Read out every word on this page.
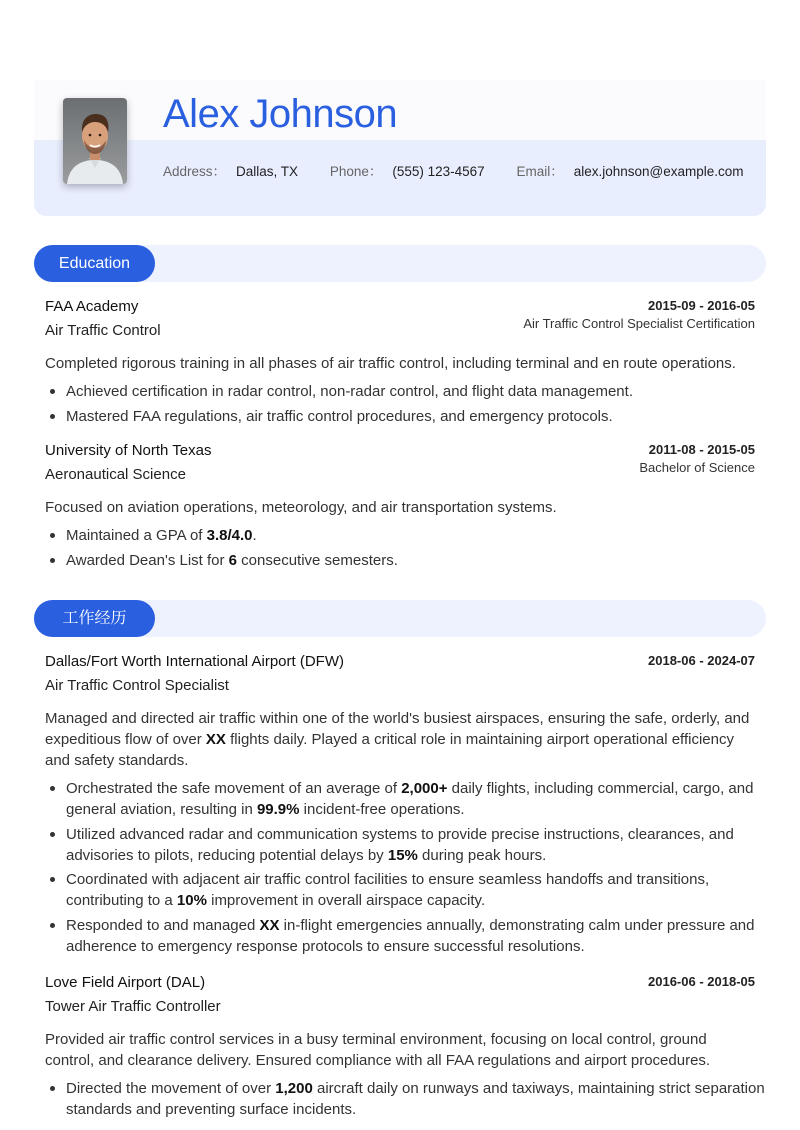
Alex Johnson
Address： Dallas, TX Phone： (555) 123-4567 Email： alex.johnson@example.com
Education
FAA Academy
Air Traffic Control
2015-09 - 2016-05
Air Traffic Control Specialist Certification
Completed rigorous training in all phases of air traffic control, including terminal and en route operations.
Achieved certification in radar control, non-radar control, and flight data management.
Mastered FAA regulations, air traffic control procedures, and emergency protocols.
University of North Texas
Aeronautical Science
2011-08 - 2015-05
Bachelor of Science
Focused on aviation operations, meteorology, and air transportation systems.
Maintained a GPA of 3.8/4.0.
Awarded Dean's List for 6 consecutive semesters.
工作经历
Dallas/Fort Worth International Airport (DFW)
Air Traffic Control Specialist
2018-06 - 2024-07
Managed and directed air traffic within one of the world's busiest airspaces, ensuring the safe, orderly, and expeditious flow of over XX flights daily. Played a critical role in maintaining airport operational efficiency and safety standards.
Orchestrated the safe movement of an average of 2,000+ daily flights, including commercial, cargo, and general aviation, resulting in 99.9% incident-free operations.
Utilized advanced radar and communication systems to provide precise instructions, clearances, and advisories to pilots, reducing potential delays by 15% during peak hours.
Coordinated with adjacent air traffic control facilities to ensure seamless handoffs and transitions, contributing to a 10% improvement in overall airspace capacity.
Responded to and managed XX in-flight emergencies annually, demonstrating calm under pressure and adherence to emergency response protocols to ensure successful resolutions.
Love Field Airport (DAL)
Tower Air Traffic Controller
2016-06 - 2018-05
Provided air traffic control services in a busy terminal environment, focusing on local control, ground control, and clearance delivery. Ensured compliance with all FAA regulations and airport procedures.
Directed the movement of over 1,200 aircraft daily on runways and taxiways, maintaining strict separation standards and preventing surface incidents.
